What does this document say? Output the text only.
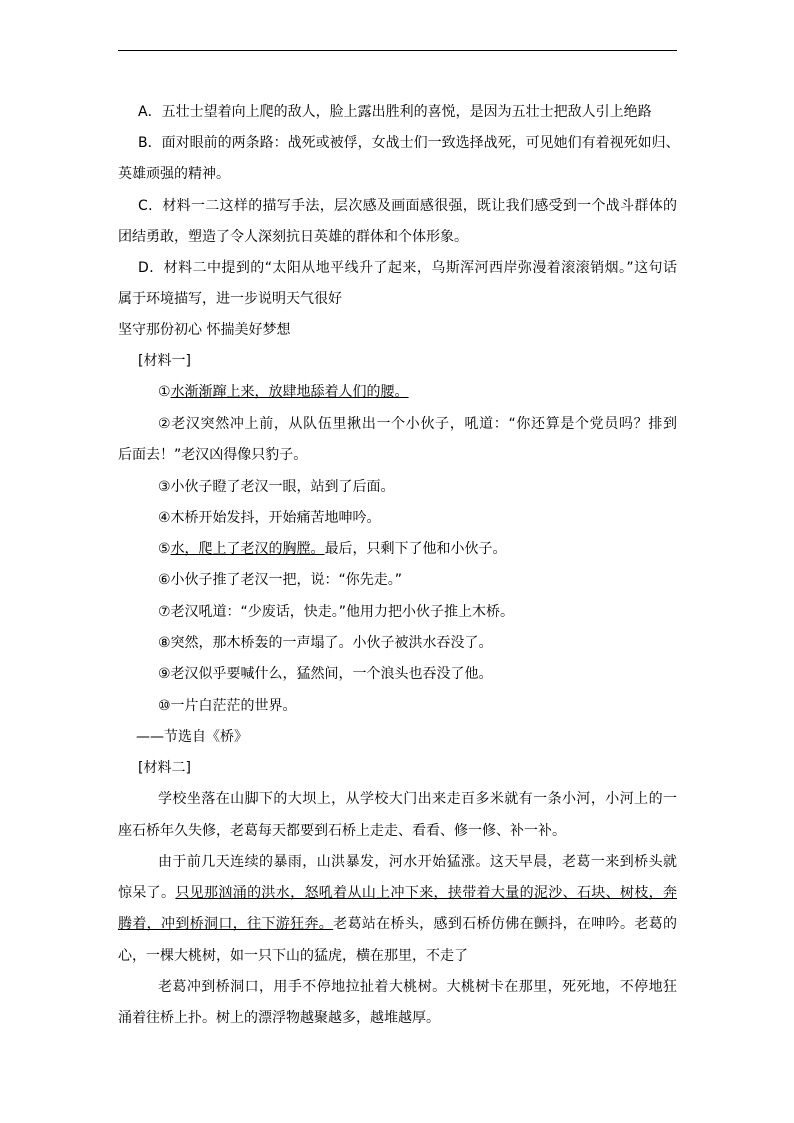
A．五壮士望着向上爬的敌人，脸上露出胜利的喜悦，是因为五壮士把敌人引上绝路
B．面对眼前的两条路：战死或被俘，女战士们一致选择战死，可见她们有着视死如归、
英雄顽强的精神。
C．材料一二这样的描写手法，层次感及画面感很强，既让我们感受到一个战斗群体的
团结勇敢，塑造了令人深刻抗日英雄的群体和个体形象。
D．材料二中提到的“太阳从地平线升了起来，乌斯浑河西岸弥漫着滚滚销烟。”这句话
属于环境描写，进一步说明天气很好
坚守那份初心 怀揣美好梦想
[材料一]
①水渐渐蹿上来，放肆地舔着人们的腰。
②老汉突然冲上前，从队伍里揪出一个小伙子，吼道：“你还算是个党员吗？排到
后面去！”老汉凶得像只豹子。
③小伙子瞪了老汉一眼，站到了后面。
④木桥开始发抖，开始痛苦地呻吟。
⑤水，爬上了老汉的胸膛。最后，只剩下了他和小伙子。
⑥小伙子推了老汉一把，说：“你先走。”
⑦老汉吼道：“少废话，快走。”他用力把小伙子推上木桥。
⑧突然，那木桥轰的一声塌了。小伙子被洪水吞没了。
⑨老汉似乎要喊什么，猛然间，一个浪头也吞没了他。
⑩一片白茫茫的世界。
——节选自《桥》
[材料二]
学校坐落在山脚下的大坝上，从学校大门出来走百多米就有一条小河，小河上的一
座石桥年久失修，老葛每天都要到石桥上走走、看看、修一修、补一补。
由于前几天连续的暴雨，山洪暴发，河水开始猛涨。这天早晨，老葛一来到桥头就
惊呆了。只见那汹涌的洪水，怒吼着从山上冲下来，挟带着大量的泥沙、石块、树枝，奔
腾着，冲到桥洞口，往下游狂奔。老葛站在桥头，感到石桥仿佛在颤抖，在呻吟。老葛的
心，一棵大桃树，如一只下山的猛虎，横在那里，不走了
老葛冲到桥洞口，用手不停地拉扯着大桃树。大桃树卡在那里，死死地，不停地狂
涌着往桥上扑。树上的漂浮物越聚越多，越堆越厚。
